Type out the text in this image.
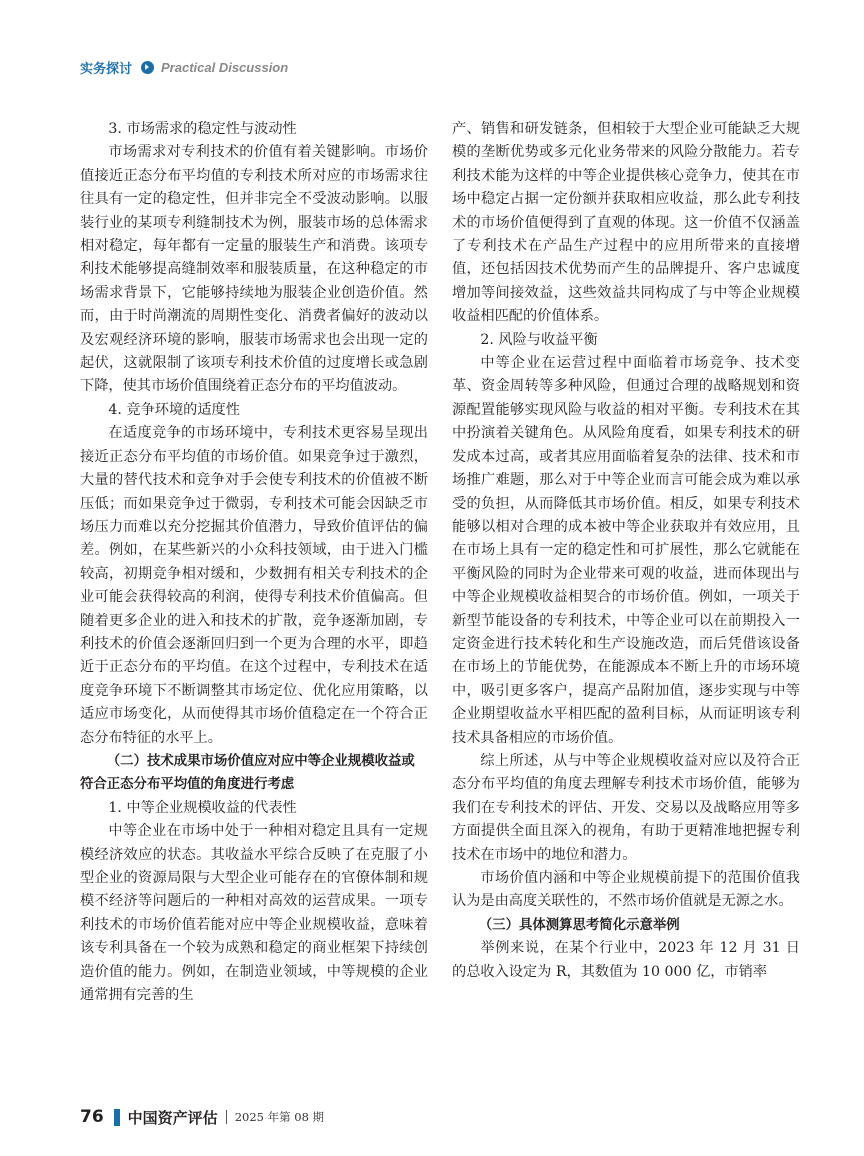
实务探讨 Practical Discussion
3. 市场需求的稳定性与波动性

市场需求对专利技术的价值有着关键影响。市场价值接近正态分布平均值的专利技术所对应的市场需求往往具有一定的稳定性，但并非完全不受波动影响。以服装行业的某项专利缝制技术为例，服装市场的总体需求相对稳定，每年都有一定量的服装生产和消费。该项专利技术能够提高缝制效率和服装质量，在这种稳定的市场需求背景下，它能够持续地为服装企业创造价值。然而，由于时尚潮流的周期性变化、消费者偏好的波动以及宏观经济环境的影响，服装市场需求也会出现一定的起伏，这就限制了该项专利技术价值的过度增长或急剧下降，使其市场价值围绕着正态分布的平均值波动。

4. 竞争环境的适度性

在适度竞争的市场环境中，专利技术更容易呈现出接近正态分布平均值的市场价值。如果竞争过于激烈，大量的替代技术和竞争对手会使专利技术的价值被不断压低；而如果竞争过于微弱，专利技术可能会因缺乏市场压力而难以充分挖掘其价值潜力，导致价值评估的偏差。例如，在某些新兴的小众科技领域，由于进入门槛较高，初期竞争相对缓和，少数拥有相关专利技术的企业可能会获得较高的利润，使得专利技术价值偏高。但随着更多企业的进入和技术的扩散，竞争逐渐加剧，专利技术的价值会逐渐回归到一个更为合理的水平，即趋近于正态分布的平均值。在这个过程中，专利技术在适度竞争环境下不断调整其市场定位、优化应用策略，以适应市场变化，从而使得其市场价值稳定在一个符合正态分布特征的水平上。

（二）技术成果市场价值应对应中等企业规模收益或符合正态分布平均值的角度进行考虑
1. 中等企业规模收益的代表性

中等企业在市场中处于一种相对稳定且具有一定规模经济效应的状态。其收益水平综合反映了在克服了小型企业的资源局限与大型企业可能存在的官僚体制和规模不经济等问题后的一种相对高效的运营成果。一项专利技术的市场价值若能对应中等企业规模收益，意味着该专利具备在一个较为成熟和稳定的商业框架下持续创造价值的能力。例如，在制造业领域，中等规模的企业通常拥有完善的生

产、销售和研发链条，但相较于大型企业可能缺乏大规模的垄断优势或多元化业务带来的风险分散能力。若专利技术能为这样的中等企业提供核心竞争力，使其在市场中稳定占据一定份额并获取相应收益，那么此专利技术的市场价值便得到了直观的体现。这一价值不仅涵盖了专利技术在产品生产过程中的应用所带来的直接增值，还包括因技术优势而产生的品牌提升、客户忠诚度增加等间接效益，这些效益共同构成了与中等企业规模收益相匹配的价值体系。

2. 风险与收益平衡

中等企业在运营过程中面临着市场竞争、技术变革、资金周转等多种风险，但通过合理的战略规划和资源配置能够实现风险与收益的相对平衡。专利技术在其中扮演着关键角色。从风险角度看，如果专利技术的研发成本过高，或者其应用面临着复杂的法律、技术和市场推广难题，那么对于中等企业而言可能会成为难以承受的负担，从而降低其市场价值。相反，如果专利技术能够以相对合理的成本被中等企业获取并有效应用，且在市场上具有一定的稳定性和可扩展性，那么它就能在平衡风险的同时为企业带来可观的收益，进而体现出与中等企业规模收益相契合的市场价值。例如，一项关于新型节能设备的专利技术，中等企业可以在前期投入一定资金进行技术转化和生产设施改造，而后凭借该设备在市场上的节能优势，在能源成本不断上升的市场环境中，吸引更多客户，提高产品附加值，逐步实现与中等企业期望收益水平相匹配的盈利目标，从而证明该专利技术具备相应的市场价值。

综上所述，从与中等企业规模收益对应以及符合正态分布平均值的角度去理解专利技术市场价值，能够为我们在专利技术的评估、开发、交易以及战略应用等多方面提供全面且深入的视角，有助于更精准地把握专利技术在市场中的地位和潜力。

市场价值内涵和中等企业规模前提下的范围价值我认为是由高度关联性的，不然市场价值就是无源之水。

（三）具体测算思考简化示意举例

举例来说，在某个行业中，2023 年 12 月 31 日的总收入设定为 R，其数值为 10 000 亿，市销率

76 中国资产评估 2025 年第 08 期
